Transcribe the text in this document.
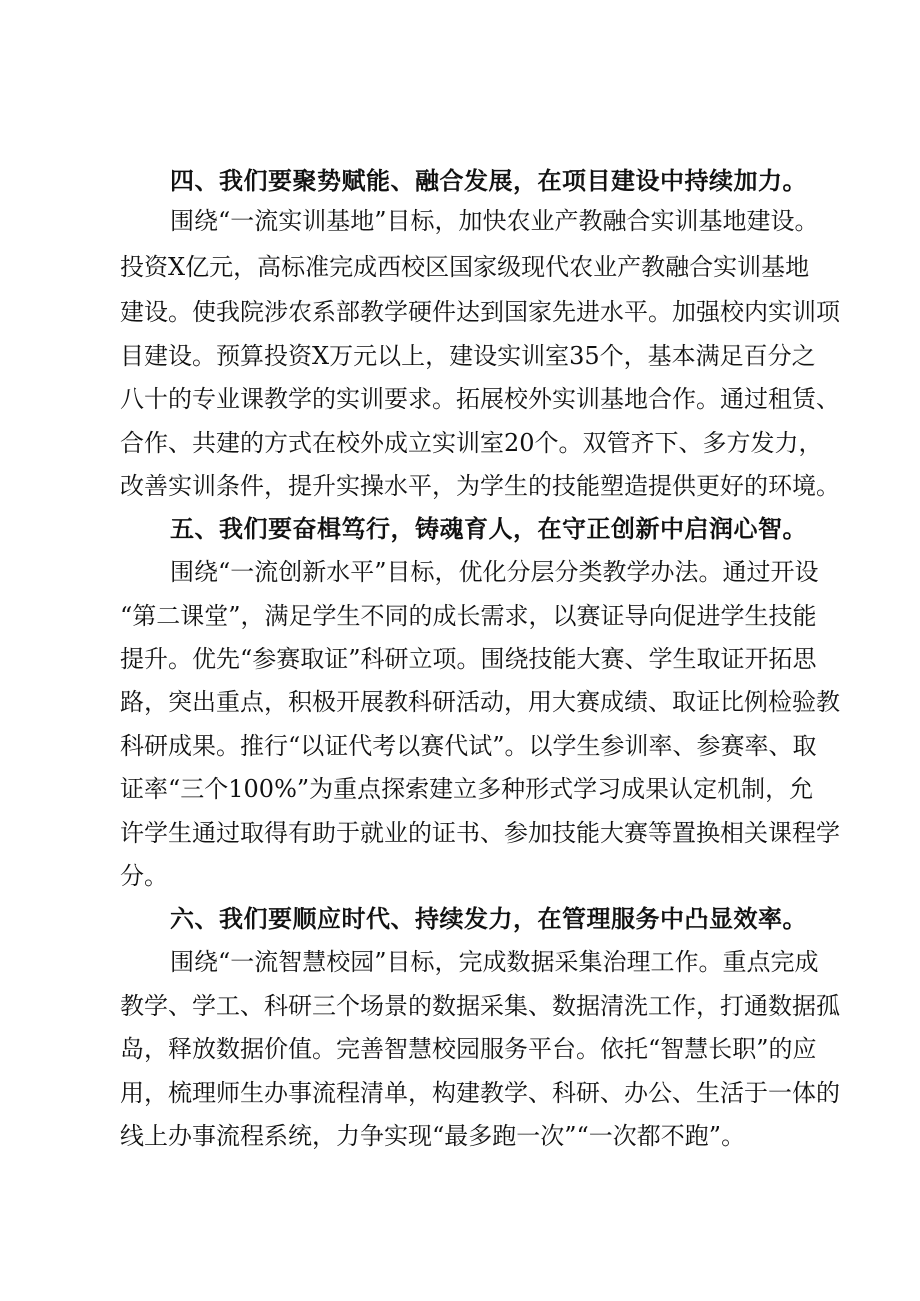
四、我们要聚势赋能、融合发展，在项目建设中持续加力。
围绕“一流实训基地”目标，加快农业产教融合实训基地建设。
投资X亿元，高标准完成西校区国家级现代农业产教融合实训基地
建设。使我院涉农系部教学硬件达到国家先进水平。加强校内实训项
目建设。预算投资X万元以上，建设实训室35个，基本满足百分之
八十的专业课教学的实训要求。拓展校外实训基地合作。通过租赁、
合作、共建的方式在校外成立实训室20个。双管齐下、多方发力，
改善实训条件，提升实操水平，为学生的技能塑造提供更好的环境。
五、我们要奋楫笃行，铸魂育人，在守正创新中启润心智。
围绕“一流创新水平”目标，优化分层分类教学办法。通过开设
“第二课堂”，满足学生不同的成长需求，以赛证导向促进学生技能
提升。优先“参赛取证”科研立项。围绕技能大赛、学生取证开拓思
路，突出重点，积极开展教科研活动，用大赛成绩、取证比例检验教
科研成果。推行“以证代考以赛代试”。以学生参训率、参赛率、取
证率“三个100%”为重点探索建立多种形式学习成果认定机制，允
许学生通过取得有助于就业的证书、参加技能大赛等置换相关课程学
分。
六、我们要顺应时代、持续发力，在管理服务中凸显效率。
围绕“一流智慧校园”目标，完成数据采集治理工作。重点完成
教学、学工、科研三个场景的数据采集、数据清洗工作，打通数据孤
岛，释放数据价值。完善智慧校园服务平台。依托“智慧长职”的应
用，梳理师生办事流程清单，构建教学、科研、办公、生活于一体的
线上办事流程系统，力争实现“最多跑一次”“一次都不跑”。
